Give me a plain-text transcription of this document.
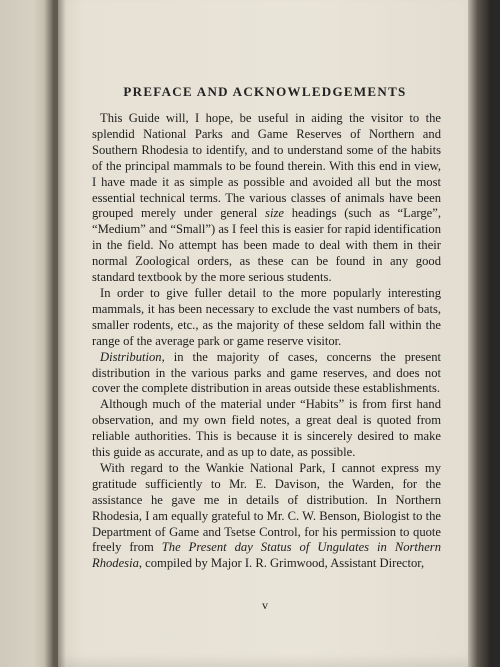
PREFACE AND ACKNOWLEDGEMENTS

This Guide will, I hope, be useful in aiding the visitor to the splendid National Parks and Game Reserves of Northern and Southern Rhodesia to identify, and to understand some of the habits of the principal mammals to be found therein. With this end in view, I have made it as simple as possible and avoided all but the most essential technical terms. The various classes of animals have been grouped merely under general size headings (such as “Large”, “Medium” and “Small”) as I feel this is easier for rapid identification in the field. No attempt has been made to deal with them in their normal Zoological orders, as these can be found in any good standard textbook by the more serious students.

In order to give fuller detail to the more popularly interesting mammals, it has been necessary to exclude the vast numbers of bats, smaller rodents, etc., as the majority of these seldom fall within the range of the average park or game reserve visitor.

Distribution, in the majority of cases, concerns the present distribution in the various parks and game reserves, and does not cover the complete distribution in areas outside these establishments.

Although much of the material under “Habits” is from first hand observation, and my own field notes, a great deal is quoted from reliable authorities. This is because it is sincerely desired to make this guide as accurate, and as up to date, as possible.

With regard to the Wankie National Park, I cannot express my gratitude sufficiently to Mr. E. Davison, the Warden, for the assistance he gave me in details of distribution. In Northern Rhodesia, I am equally grateful to Mr. C. W. Benson, Biologist to the Department of Game and Tsetse Control, for his permission to quote freely from The Present day Status of Ungulates in Northern Rhodesia, compiled by Major I. R. Grimwood, Assistant Director,

v
